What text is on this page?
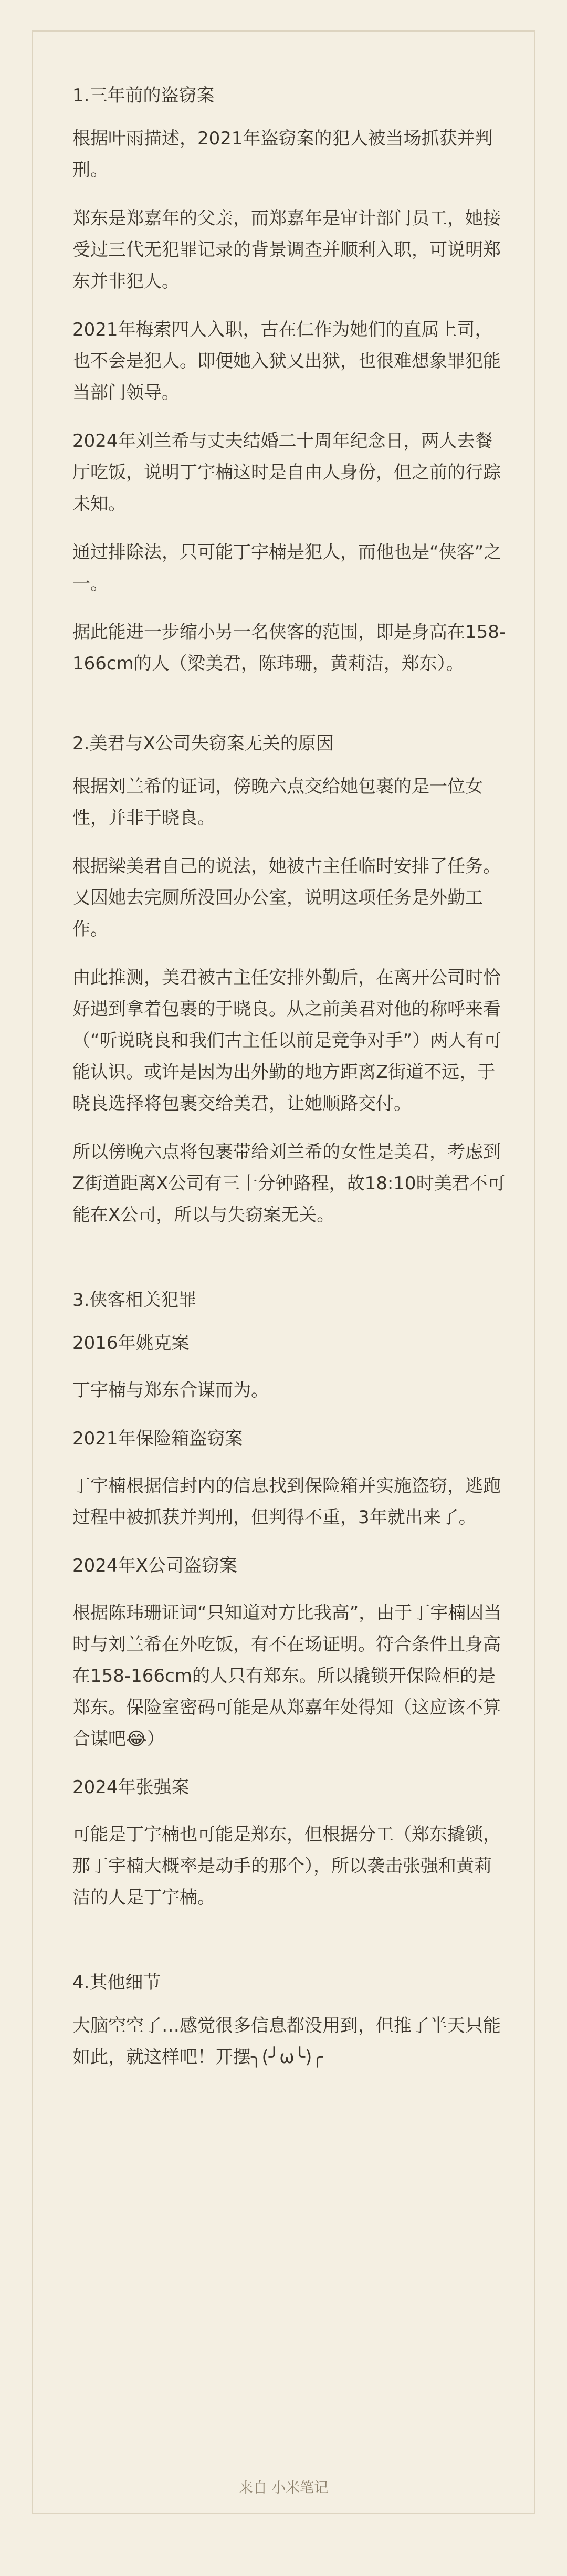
1.三年前的盗窃案
根据叶雨描述，2021年盗窃案的犯人被当场抓获并判刑。
郑东是郑嘉年的父亲，而郑嘉年是审计部门员工，她接受过三代无犯罪记录的背景调查并顺利入职，可说明郑东并非犯人。
2021年梅索四人入职，古在仁作为她们的直属上司，也不会是犯人。即便她入狱又出狱，也很难想象罪犯能当部门领导。
2024年刘兰希与丈夫结婚二十周年纪念日，两人去餐厅吃饭，说明丁宇楠这时是自由人身份，但之前的行踪未知。
通过排除法，只可能丁宇楠是犯人，而他也是“侠客”之一。
据此能进一步缩小另一名侠客的范围，即是身高在158-166cm的人（梁美君，陈玮珊，黄莉洁，郑东）。
2.美君与X公司失窃案无关的原因
根据刘兰希的证词，傍晚六点交给她包裹的是一位女性，并非于晓良。
根据梁美君自己的说法，她被古主任临时安排了任务。又因她去完厕所没回办公室，说明这项任务是外勤工作。
由此推测，美君被古主任安排外勤后，在离开公司时恰好遇到拿着包裹的于晓良。从之前美君对他的称呼来看（“听说晓良和我们古主任以前是竞争对手”）两人有可能认识。或许是因为出外勤的地方距离Z街道不远，于晓良选择将包裹交给美君，让她顺路交付。
所以傍晚六点将包裹带给刘兰希的女性是美君，考虑到Z街道距离X公司有三十分钟路程，故18:10时美君不可能在X公司，所以与失窃案无关。
3.侠客相关犯罪
2016年姚克案
丁宇楠与郑东合谋而为。
2021年保险箱盗窃案
丁宇楠根据信封内的信息找到保险箱并实施盗窃，逃跑过程中被抓获并判刑，但判得不重，3年就出来了。
2024年X公司盗窃案
根据陈玮珊证词“只知道对方比我高”，由于丁宇楠因当时与刘兰希在外吃饭，有不在场证明。符合条件且身高在158-166cm的人只有郑东。所以撬锁开保险柜的是郑东。保险室密码可能是从郑嘉年处得知（这应该不算合谋吧😂）
2024年张强案
可能是丁宇楠也可能是郑东，但根据分工（郑东撬锁，那丁宇楠大概率是动手的那个），所以袭击张强和黄莉洁的人是丁宇楠。
4.其他细节
大脑空空了…感觉很多信息都没用到，但推了半天只能如此，就这样吧！开摆╮(╯ω╰)╭
来自 小米笔记
